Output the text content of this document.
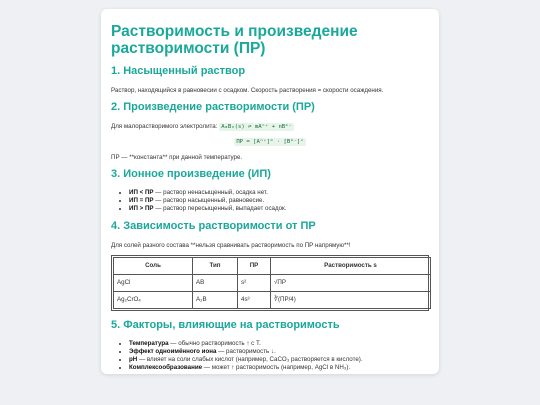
Растворимость и произведение растворимости (ПР)
1. Насыщенный раствор

Раствор, находящийся в равновесии с осадком. Скорость растворения = скорости осаждения.

2. Произведение растворимости (ПР)

Для малорастворимого электролита: AₘBₙ(s) ⇌ mAⁿ⁺ + nBᵐ⁻

ПР = [Aⁿ⁺]ᵐ · [Bᵐ⁻]ⁿ

ПР — **константа** при данной температуре.

3. Ионное произведение (ИП)
• ИП < ПР — раствор ненасыщенный, осадка нет.
• ИП = ПР — раствор насыщенный, равновесие.
• ИП > ПР — раствор пересыщенный, выпадает осадок.
4. Зависимость растворимости от ПР

Для солей разного состава **нельзя сравнивать растворимость по ПР напрямую**!

Соль	Тип	ПР	Растворимость s
AgCl	AB	s²	√ПР
Ag₂CrO₄	A₂B	4s³	∛(ПР/4)
5. Факторы, влияющие на растворимость
• Температура — обычно растворимость ↑ с T.
• Эффект одноимённого иона — растворимость ↓.
• pH — влияет на соли слабых кислот (например, CaCO₃ растворяется в кислоте).
• Комплексообразование — может ↑ растворимость (например, AgCl в NH₃).
